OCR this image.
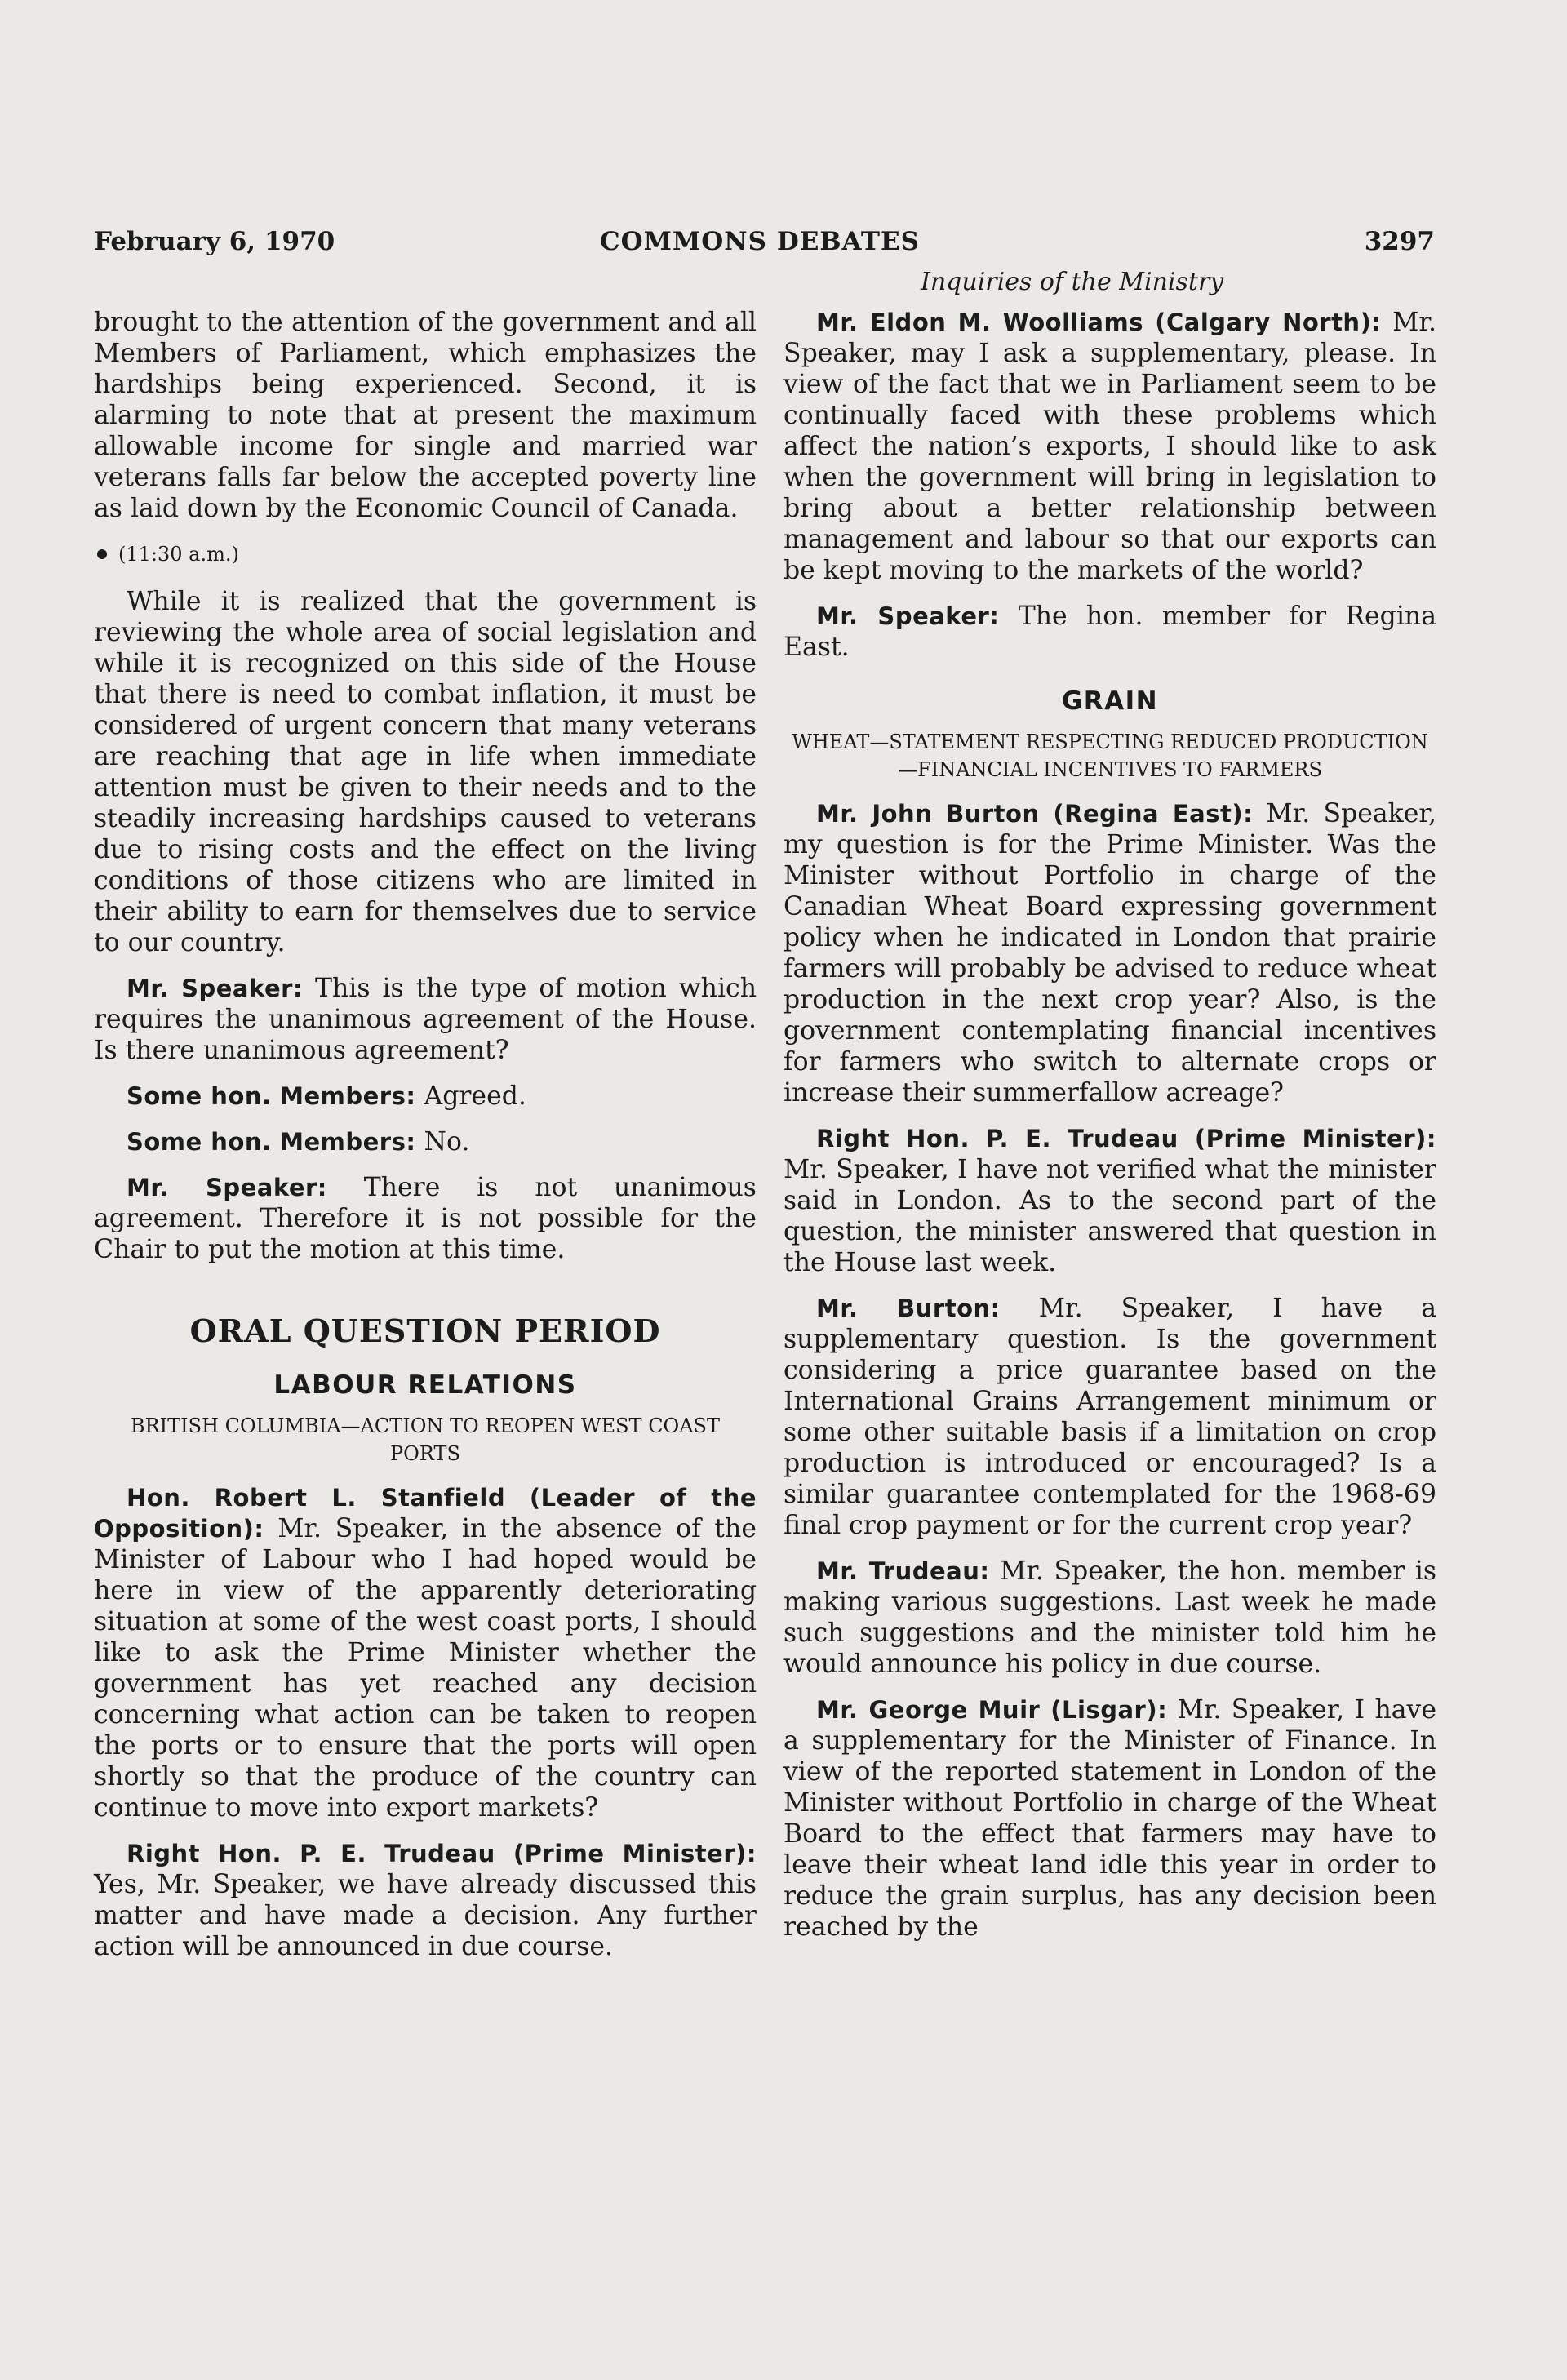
February 6, 1970	COMMONS DEBATES	3297
Inquiries of the Ministry

brought to the attention of the government and all Members of Parliament, which emphasizes the hardships being experienced. Second, it is alarming to note that at present the maximum allowable income for single and married war veterans falls far below the accepted poverty line as laid down by the Economic Council of Canada.

(11:30 a.m.)

While it is realized that the government is reviewing the whole area of social legislation and while it is recognized on this side of the House that there is need to combat inflation, it must be considered of urgent concern that many veterans are reaching that age in life when immediate attention must be given to their needs and to the steadily increasing hardships caused to veterans due to rising costs and the effect on the living conditions of those citizens who are limited in their ability to earn for themselves due to service to our country.

Mr. Speaker: This is the type of motion which requires the unanimous agreement of the House. Is there unanimous agreement?

Some hon. Members: Agreed.

Some hon. Members: No.

Mr. Speaker: There is not unanimous agreement. Therefore it is not possible for the Chair to put the motion at this time.

ORAL QUESTION PERIOD
LABOUR RELATIONS
BRITISH COLUMBIA—ACTION TO REOPEN WEST COAST PORTS

Hon. Robert L. Stanfield (Leader of the Opposition): Mr. Speaker, in the absence of the Minister of Labour who I had hoped would be here in view of the apparently deteriorating situation at some of the west coast ports, I should like to ask the Prime Minister whether the government has yet reached any decision concerning what action can be taken to reopen the ports or to ensure that the ports will open shortly so that the produce of the country can continue to move into export markets?

Right Hon. P. E. Trudeau (Prime Minister): Yes, Mr. Speaker, we have already discussed this matter and have made a decision. Any further action will be announced in due course.

Mr. Eldon M. Woolliams (Calgary North): Mr. Speaker, may I ask a supplementary, please. In view of the fact that we in Parliament seem to be continually faced with these problems which affect the nation’s exports, I should like to ask when the government will bring in legislation to bring about a better relationship between management and labour so that our exports can be kept moving to the markets of the world?

Mr. Speaker: The hon. member for Regina East.

GRAIN
WHEAT—STATEMENT RESPECTING REDUCED PRODUCTION—FINANCIAL INCENTIVES TO FARMERS

Mr. John Burton (Regina East): Mr. Speaker, my question is for the Prime Minister. Was the Minister without Portfolio in charge of the Canadian Wheat Board expressing government policy when he indicated in London that prairie farmers will probably be advised to reduce wheat production in the next crop year? Also, is the government contemplating financial incentives for farmers who switch to alternate crops or increase their summerfallow acreage?

Right Hon. P. E. Trudeau (Prime Minister): Mr. Speaker, I have not verified what the minister said in London. As to the second part of the question, the minister answered that question in the House last week.

Mr. Burton: Mr. Speaker, I have a supplementary question. Is the government considering a price guarantee based on the International Grains Arrangement minimum or some other suitable basis if a limitation on crop production is introduced or encouraged? Is a similar guarantee contemplated for the 1968-69 final crop payment or for the current crop year?

Mr. Trudeau: Mr. Speaker, the hon. member is making various suggestions. Last week he made such suggestions and the minister told him he would announce his policy in due course.

Mr. George Muir (Lisgar): Mr. Speaker, I have a supplementary for the Minister of Finance. In view of the reported statement in London of the Minister without Portfolio in charge of the Wheat Board to the effect that farmers may have to leave their wheat land idle this year in order to reduce the grain surplus, has any decision been reached by the
